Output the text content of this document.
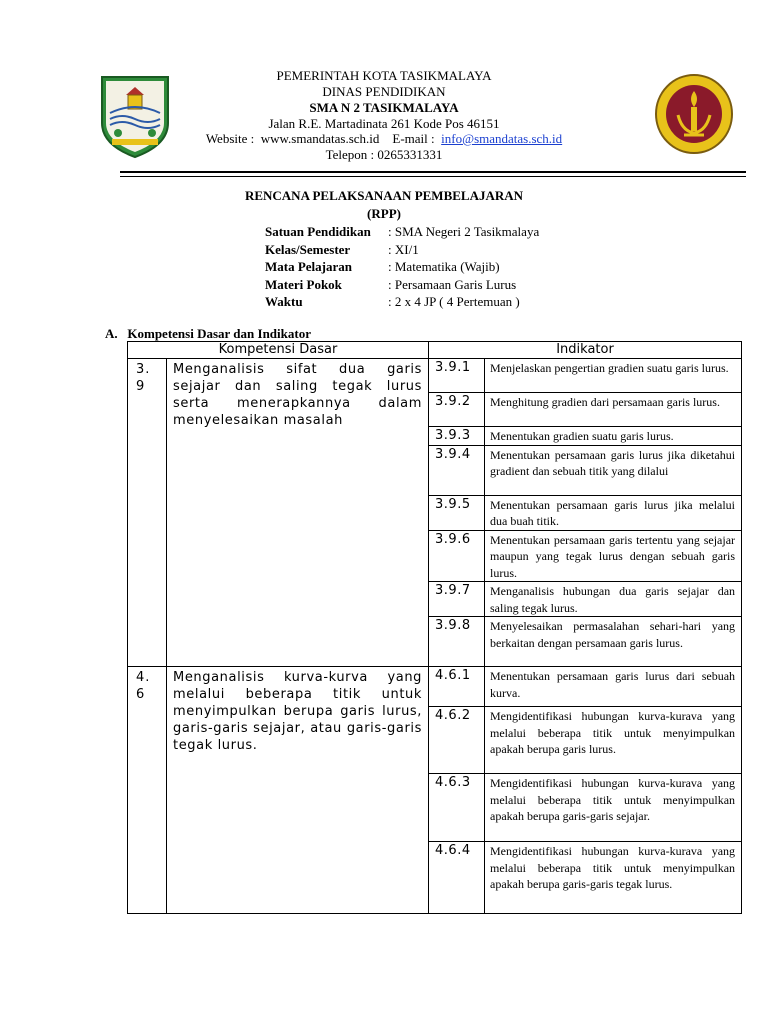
PEMERINTAH KOTA TASIKMALAYA
DINAS PENDIDIKAN
SMA N 2 TASIKMALAYA
Jalan R.E. Martadinata 261 Kode Pos 46151
Website :  www.smandatas.sch.id    E-mail :  info@smandatas.sch.id
Telepon : 0265331331
RENCANA PELAKSANAAN PEMBELAJARAN
(RPP)
Satuan Pendidikan : SMA Negeri 2 Tasikmalaya
Kelas/Semester	: XI/1
Mata Pelajaran	: Matematika (Wajib)
Materi Pokok	: Persamaan Garis Lurus
Waktu	: 2 x 4 JP ( 4 Pertemuan )
A.   Kompetensi Dasar dan Indikator
Kompetensi Dasar		Indikator	

3.9	Menganalisis sifat dua garis sejajar dan saling tegak lurus serta menerapkannya dalam menyelesaikan masalah	3.9.1	Menjelaskan pengertian gradien suatu garis lurus.
		3.9.2	Menghitung gradien dari persamaan garis lurus.
		3.9.3	Menentukan gradien suatu garis lurus.
		3.9.4	Menentukan persamaan garis lurus jika diketahui gradient dan sebuah titik yang dilalui
		3.9.5	Menentukan persamaan garis lurus jika melalui dua buah titik.
		3.9.6	Menentukan persamaan garis tertentu yang sejajar maupun yang tegak lurus dengan sebuah garis lurus.
		3.9.7	Menganalisis hubungan dua garis sejajar dan saling tegak lurus.
		3.9.8	Menyelesaikan permasalahan sehari-hari yang berkaitan dengan persamaan garis lurus.

4.6	Menganalisis kurva-kurva yang melalui beberapa titik untuk menyimpulkan berupa garis lurus, garis-garis sejajar, atau garis-garis tegak lurus.	4.6.1	Menentukan persamaan garis lurus dari sebuah kurva.
		4.6.2	Mengidentifikasi hubungan kurva-kurava yang melalui beberapa titik untuk menyimpulkan apakah berupa garis lurus.
		4.6.3	Mengidentifikasi hubungan kurva-kurava yang melalui beberapa titik untuk menyimpulkan apakah berupa garis-garis sejajar.
		4.6.4	Mengidentifikasi hubungan kurva-kurava yang melalui beberapa titik untuk menyimpulkan apakah berupa garis-garis tegak lurus.
